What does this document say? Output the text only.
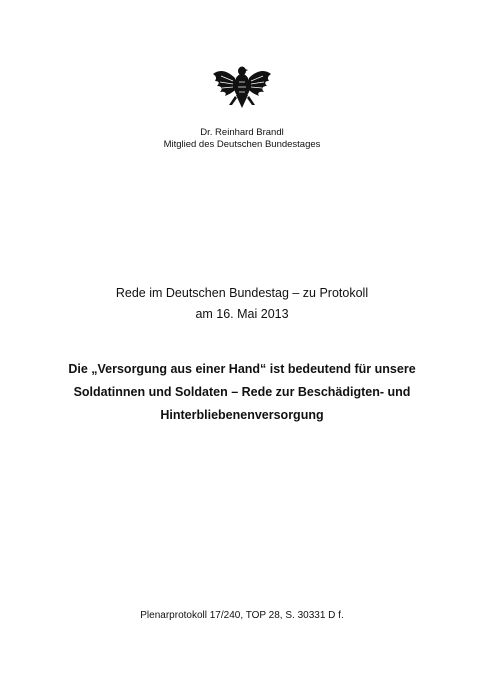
Dr. Reinhard Brandl
Mitglied des Deutschen Bundestages
Rede im Deutschen Bundestag – zu Protokoll
am 16. Mai 2013
Die „Versorgung aus einer Hand“ ist bedeutend für unsere
Soldatinnen und Soldaten – Rede zur Beschädigten- und
Hinterbliebenenversorgung
Plenarprotokoll 17/240, TOP 28, S. 30331 D f.
